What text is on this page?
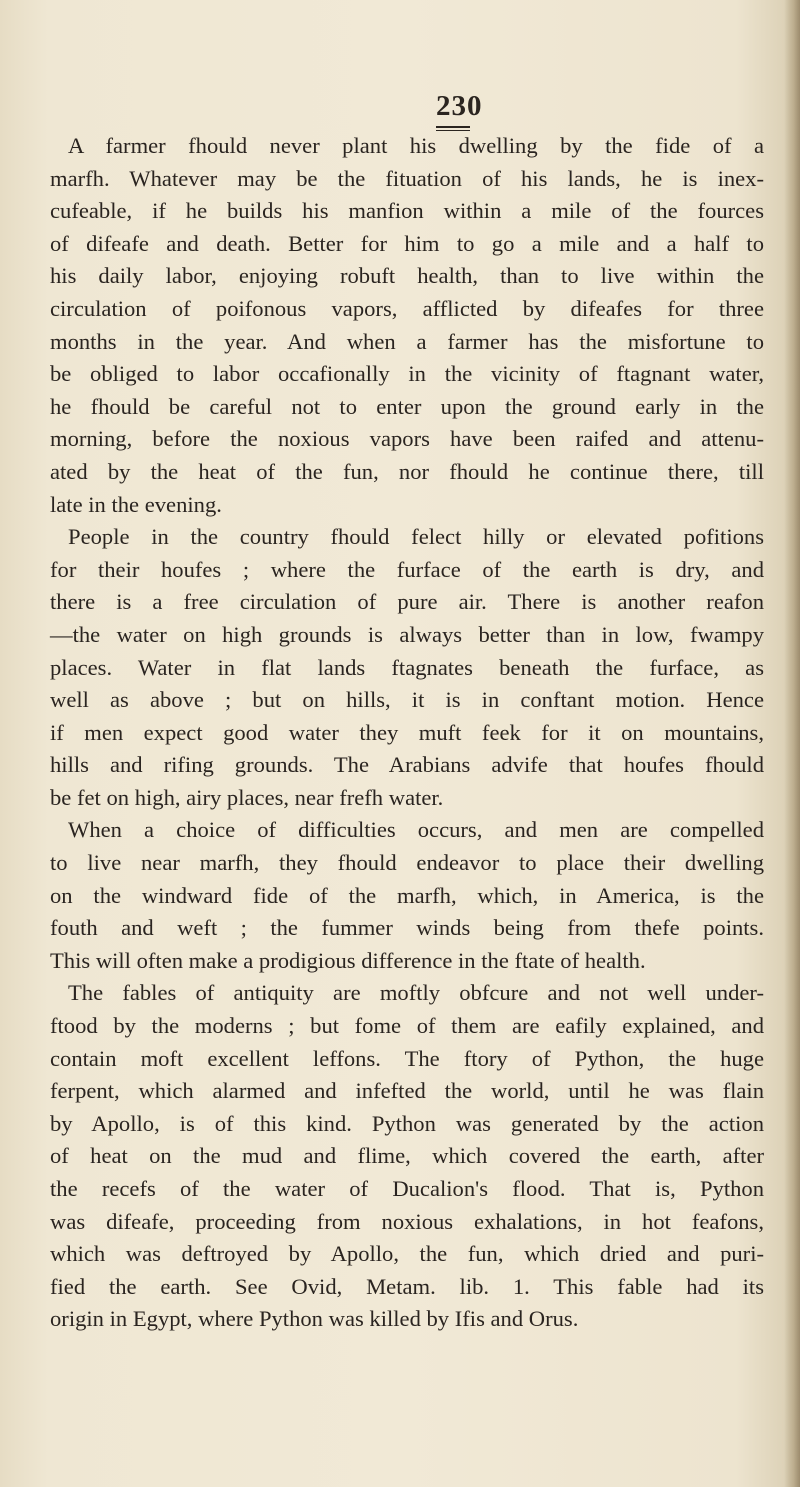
230
A farmer fhould never plant his dwelling by the fide of a
marfh. Whatever may be the fituation of his lands, he is inex-
cufeable, if he builds his manfion within a mile of the fources
of difeafe and death. Better for him to go a mile and a half to
his daily labor, enjoying robuft health, than to live within the
circulation of poifonous vapors, afflicted by difeafes for three
months in the year. And when a farmer has the misfortune to
be obliged to labor occafionally in the vicinity of ftagnant water,
he fhould be careful not to enter upon the ground early in the
morning, before the noxious vapors have been raifed and attenu-
ated by the heat of the fun, nor fhould he continue there, till
late in the evening.
People in the country fhould felect hilly or elevated pofitions
for their houfes ; where the furface of the earth is dry, and
there is a free circulation of pure air. There is another reafon
—the water on high grounds is always better than in low, fwampy
places. Water in flat lands ftagnates beneath the furface, as
well as above ; but on hills, it is in conftant motion. Hence
if men expect good water they muft feek for it on mountains,
hills and rifing grounds. The Arabians advife that houfes fhould
be fet on high, airy places, near frefh water.
When a choice of difficulties occurs, and men are compelled
to live near marfh, they fhould endeavor to place their dwelling
on the windward fide of the marfh, which, in America, is the
fouth and weft ; the fummer winds being from thefe points.
This will often make a prodigious difference in the ftate of health.
The fables of antiquity are moftly obfcure and not well under-
ftood by the moderns ; but fome of them are eafily explained, and
contain moft excellent leffons. The ftory of Python, the huge
ferpent, which alarmed and infefted the world, until he was flain
by Apollo, is of this kind. Python was generated by the action
of heat on the mud and flime, which covered the earth, after
the recefs of the water of Ducalion's flood. That is, Python
was difeafe, proceeding from noxious exhalations, in hot feafons,
which was deftroyed by Apollo, the fun, which dried and puri-
fied the earth. See Ovid, Metam. lib. 1. This fable had its
origin in Egypt, where Python was killed by Ifis and Orus.
